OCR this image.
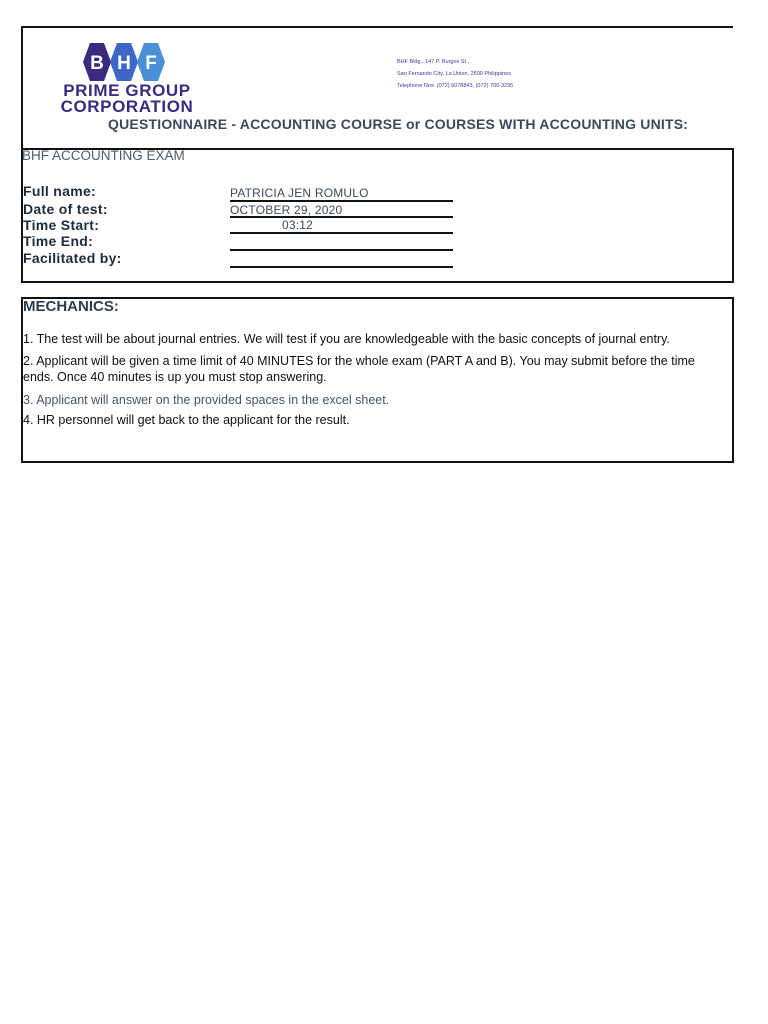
B H F
PRIME GROUP
CORPORATION
BHF Bldg., 147 P. Burgos St.,
San Fernando City, La Union, 2500 Philippines
Telephone Nos: (072) 6078843, (072) 700-3295
QUESTIONNAIRE - ACCOUNTING COURSE or COURSES WITH ACCOUNTING UNITS:
BHF ACCOUNTING EXAM
Full name:	PATRICIA JEN ROMULO
Date of test:	OCTOBER 29, 2020
Time Start:	03:12
Time End:
Facilitated by:
MECHANICS:
1. The test will be about journal entries. We will test if you are knowledgeable with the basic concepts of journal entry.
2. Applicant will be given a time limit of 40 MINUTES for the whole exam (PART A and B). You may submit before the time ends. Once 40 minutes is up you must stop answering.
3. Applicant will answer on the provided spaces in the excel sheet.
4. HR personnel will get back to the applicant for the result.
